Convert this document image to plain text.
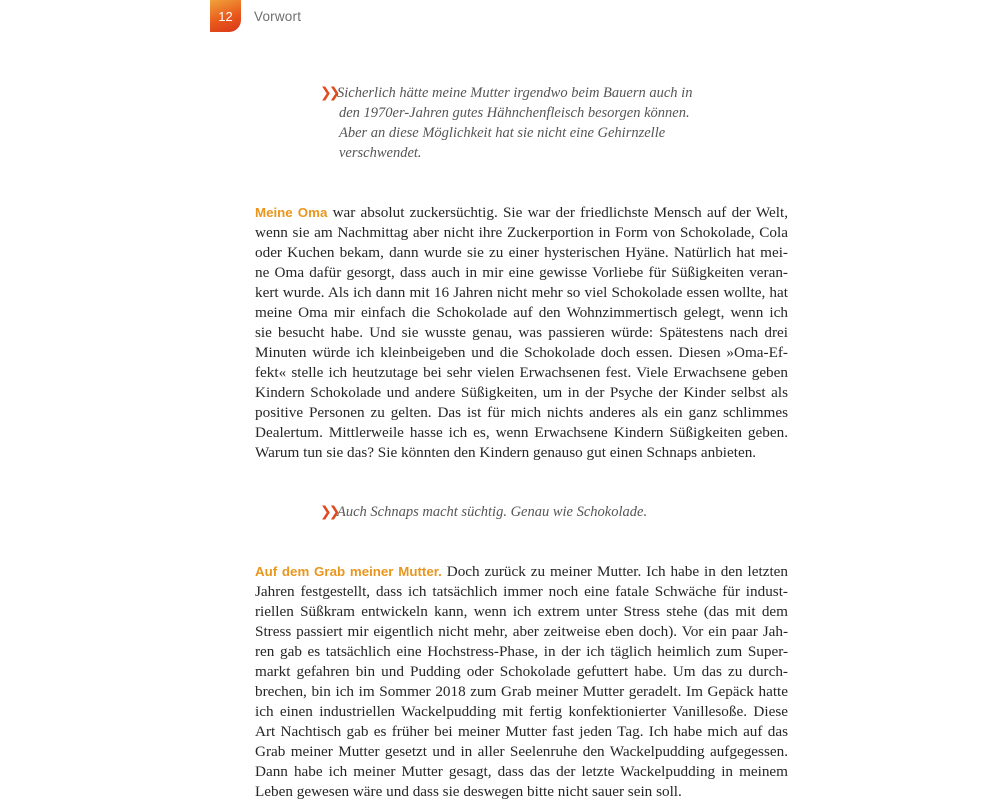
12	Vorwort
❯❯Sicherlich hätte meine Mutter irgendwo beim Bauern auch in
den 1970er-Jahren gutes Hähnchenfleisch besorgen können.
Aber an diese Möglichkeit hat sie nicht eine Gehirnzelle
verschwendet.
Meine Oma war absolut zuckersüchtig. Sie war der friedlichste Mensch auf der Welt,
wenn sie am Nachmittag aber nicht ihre Zuckerportion in Form von Schokolade, Cola
oder Kuchen bekam, dann wurde sie zu einer hysterischen Hyäne. Natürlich hat mei-
ne Oma dafür gesorgt, dass auch in mir eine gewisse Vorliebe für Süßigkeiten veran-
kert wurde. Als ich dann mit 16 Jahren nicht mehr so viel Schokolade essen wollte, hat
meine Oma mir einfach die Schokolade auf den Wohnzimmertisch gelegt, wenn ich
sie besucht habe. Und sie wusste genau, was passieren würde: Spätestens nach drei
Minuten würde ich kleinbeigeben und die Schokolade doch essen. Diesen »Oma-Ef-
fekt« stelle ich heutzutage bei sehr vielen Erwachsenen fest. Viele Erwachsene geben
Kindern Schokolade und andere Süßigkeiten, um in der Psyche der Kinder selbst als
positive Personen zu gelten. Das ist für mich nichts anderes als ein ganz schlimmes
Dealertum. Mittlerweile hasse ich es, wenn Erwachsene Kindern Süßigkeiten geben.
Warum tun sie das? Sie könnten den Kindern genauso gut einen Schnaps anbieten.
❯❯Auch Schnaps macht süchtig. Genau wie Schokolade.
Auf dem Grab meiner Mutter. Doch zurück zu meiner Mutter. Ich habe in den letzten
Jahren festgestellt, dass ich tatsächlich immer noch eine fatale Schwäche für indust-
riellen Süßkram entwickeln kann, wenn ich extrem unter Stress stehe (das mit dem
Stress passiert mir eigentlich nicht mehr, aber zeitweise eben doch). Vor ein paar Jah-
ren gab es tatsächlich eine Hochstress-Phase, in der ich täglich heimlich zum Super-
markt gefahren bin und Pudding oder Schokolade gefuttert habe. Um das zu durch-
brechen, bin ich im Sommer 2018 zum Grab meiner Mutter geradelt. Im Gepäck hatte
ich einen industriellen Wackelpudding mit fertig konfektionierter Vanillesoße. Diese
Art Nachtisch gab es früher bei meiner Mutter fast jeden Tag. Ich habe mich auf das
Grab meiner Mutter gesetzt und in aller Seelenruhe den Wackelpudding aufgegessen.
Dann habe ich meiner Mutter gesagt, dass das der letzte Wackelpudding in meinem
Leben gewesen wäre und dass sie deswegen bitte nicht sauer sein soll.
